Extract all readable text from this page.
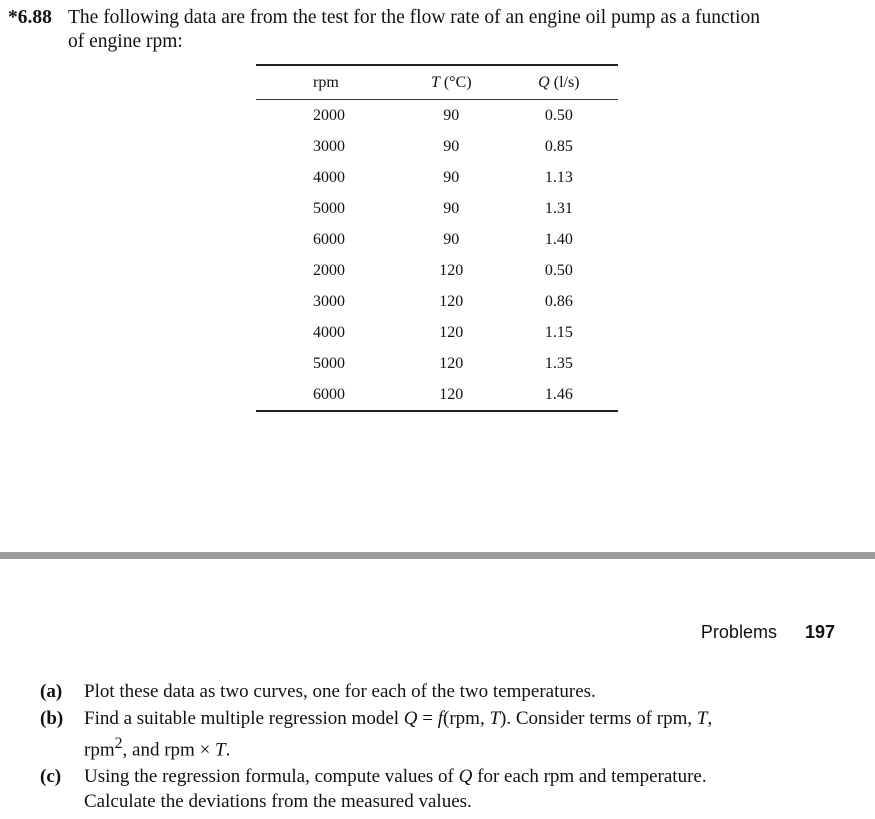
*6.88 The following data are from the test for the flow rate of an engine oil pump as a function
of engine rpm:
rpm	T (°C)	Q (l/s)
2000	90	0.50
3000	90	0.85
4000	90	1.13
5000	90	1.31
6000	90	1.40
2000	120	0.50
3000	120	0.86
4000	120	1.15
5000	120	1.35
6000	120	1.46
Problems 197
(a)	Plot these data as two curves, one for each of the two temperatures.
(b)	Find a suitable multiple regression model Q = f(rpm, T). Consider terms of rpm, T,
rpm$^2$, and rpm × T.
(c)	Using the regression formula, compute values of Q for each rpm and temperature.
Calculate the deviations from the measured values.
